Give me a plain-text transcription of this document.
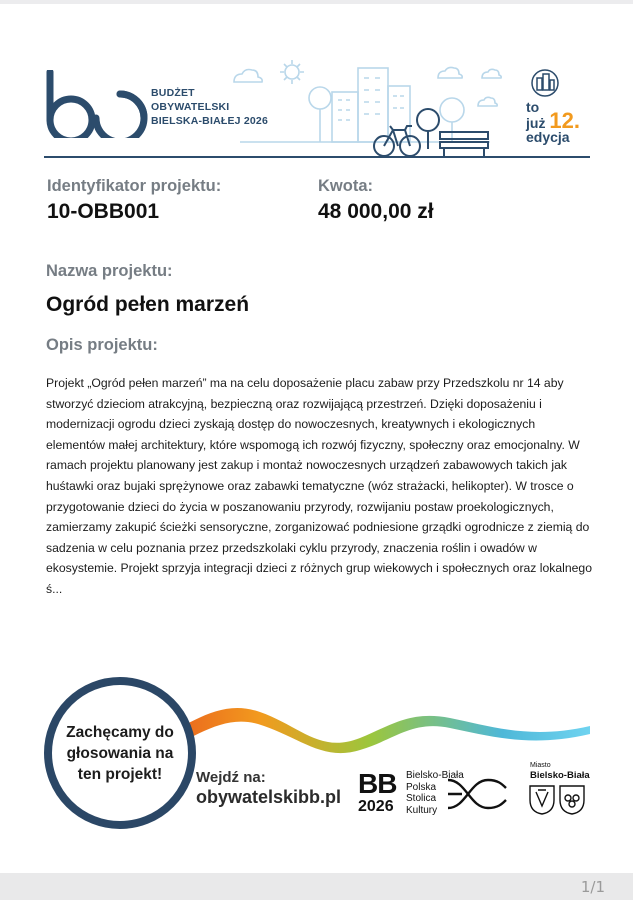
BUDŻET
OBYWATELSKI
BIELSKA-BIAŁEJ 2026
to
już 12.
edycja
Identyfikator projektu:
10-OBB001
Kwota:
48 000,00 zł
Nazwa projektu:
Ogród pełen marzeń
Opis projektu:
Projekt „Ogród pełen marzeń” ma na celu doposażenie placu zabaw przy Przedszkolu nr 14 aby stworzyć dzieciom atrakcyjną, bezpieczną oraz rozwijającą przestrzeń. Dzięki doposażeniu i modernizacji ogrodu dzieci zyskają dostęp do nowoczesnych, kreatywnych i ekologicznych elementów małej architektury, które wspomogą ich rozwój fizyczny, społeczny oraz emocjonalny. W ramach projektu planowany jest zakup i montaż nowoczesnych urządzeń zabawowych takich jak huśtawki oraz bujaki sprężynowe oraz zabawki tematyczne (wóz strażacki, helikopter). W trosce o przygotowanie dzieci do życia w poszanowaniu przyrody, rozwijaniu postaw proekologicznych, zamierzamy zakupić ścieżki sensoryczne, zorganizować podniesione grządki ogrodnicze z ziemią do sadzenia w celu poznania przez przedszkolaki cyklu przyrody, znaczenia roślin i owadów w ekosystemie. Projekt sprzyja integracji dzieci z różnych grup wiekowych i społecznych oraz lokalnego ś...
Zachęcamy do głosowania na ten projekt!	Wejdź na:
obywatelskibb.pl BB
2026
Bielsko-Biała
Polska
Stolica
Kultury
Miasto
Bielsko-Biała
1/1
